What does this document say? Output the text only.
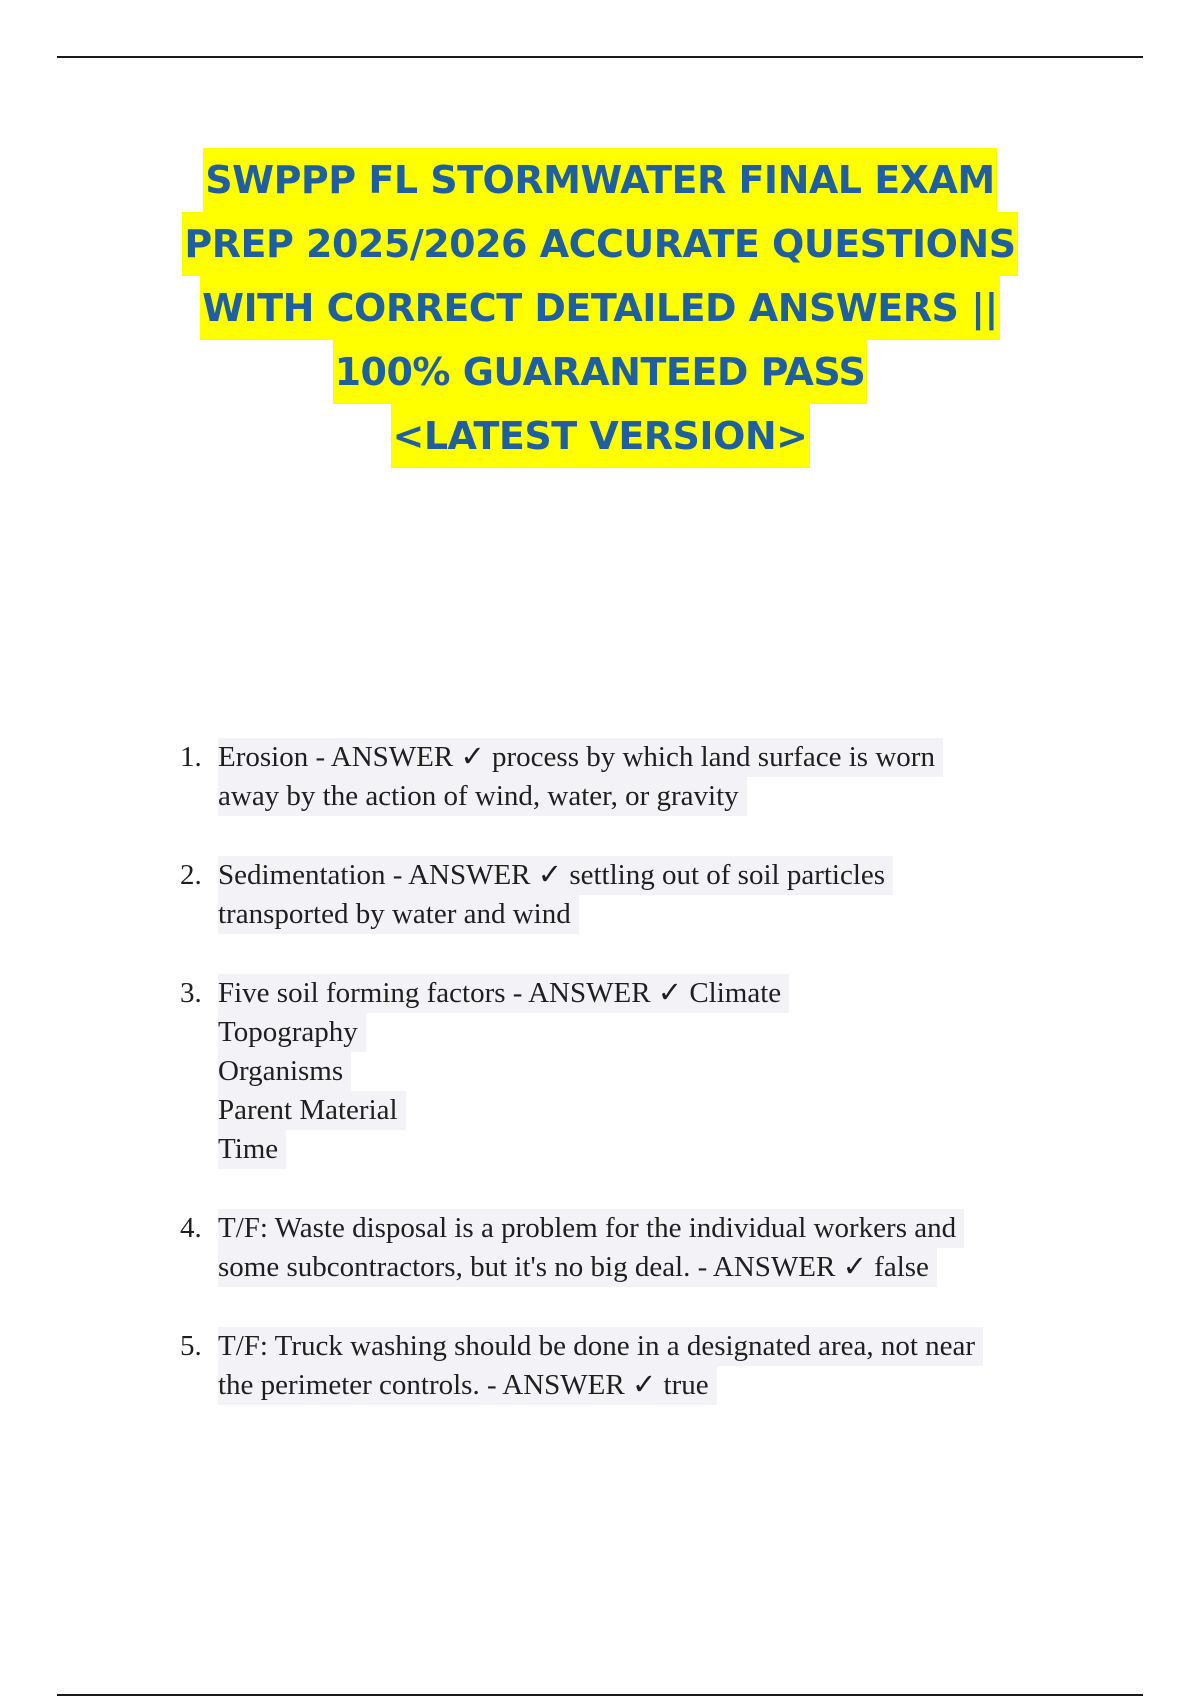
SWPPP FL STORMWATER FINAL EXAM
PREP 2025/2026 ACCURATE QUESTIONS
WITH CORRECT DETAILED ANSWERS ||
100% GUARANTEED PASS
<LATEST VERSION>
1. Erosion - ANSWER ✓ process by which land surface is worn
away by the action of wind, water, or gravity
2. Sedimentation - ANSWER ✓ settling out of soil particles
transported by water and wind
3. Five soil forming factors - ANSWER ✓ Climate
Topography
Organisms
Parent Material
Time
4. T/F: Waste disposal is a problem for the individual workers and
some subcontractors, but it's no big deal. - ANSWER ✓ false
5. T/F: Truck washing should be done in a designated area, not near
the perimeter controls. - ANSWER ✓ true
